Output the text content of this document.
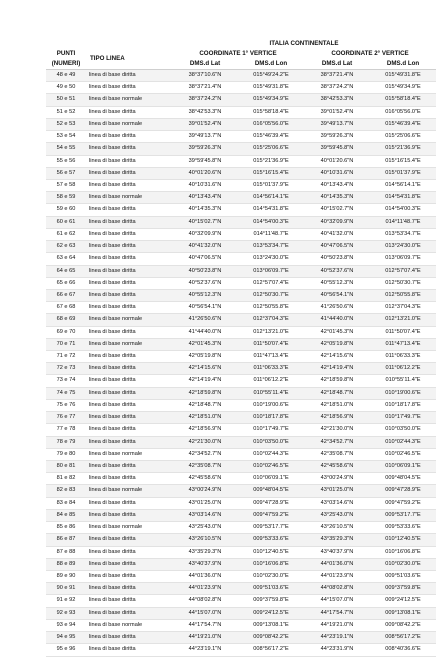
		ITALIA CONTINENTALE			
PUNTI	TIPO LINEA	COORDINATE 1° VERTICE		COORDINATE 2° VERTICE	
(NUMERI)		DMS.d Lat	DMS.d Lon	DMS.d Lat	DMS.d Lon
48 e 49	linea di base diritta	38°37'10.6"N	015°49'24.2"E	38°37'21.4"N	015°49'31.8"E
49 e 50	linea di base diritta	38°37'21.4"N	015°49'31.8"E	38°37'24.2"N	015°49'34.9"E
50 e 51	linea di base normale	38°37'24.2"N	015°49'34.9"E	38°42'53.3"N	015°58'18.4"E
51 e 52	linea di base diritta	38°42'53.3"N	015°58'18.4"E	39°01'52.4"N	016°05'56.0"E
52 e 53	linea di base normale	39°01'52.4"N	016°05'56.0"E	39°49'13.7"N	015°46'39.4"E
53 e 54	linea di base diritta	39°49'13.7"N	015°46'39.4"E	39°59'26.3"N	015°25'06.6"E
54 e 55	linea di base diritta	39°59'26.3"N	015°25'06.6"E	39°59'45.8"N	015°21'36.9"E
55 e 56	linea di base diritta	39°59'45.8"N	015°21'36.9"E	40°01'20.6"N	015°16'15.4"E
56 e 57	linea di base diritta	40°01'20.6"N	015°16'15.4"E	40°10'31.6"N	015°01'37.9"E
57 e 58	linea di base diritta	40°10'31.6"N	015°01'37.9"E	40°13'43.4"N	014°56'14.1"E
58 e 59	linea di base normale	40°13'43.4"N	014°56'14.1"E	40°14'35.3"N	014°54'31.8"E
59 e 60	linea di base diritta	40°14'35.3"N	014°54'31.8"E	40°15'02.7"N	014°54'00.3"E
60 e 61	linea di base diritta	40°15'02.7"N	014°54'00.3"E	40°32'09.9"N	014°11'48.7"E
61 e 62	linea di base diritta	40°32'09.9"N	014°11'48.7"E	40°41'32.0"N	013°53'34.7"E
62 e 63	linea di base diritta	40°41'32.0"N	013°53'34.7"E	40°47'06.5"N	013°24'30.0"E
63 e 64	linea di base diritta	40°47'06.5"N	013°24'30.0"E	40°50'23.8"N	013°06'09.7"E
64 e 65	linea di base diritta	40°50'23.8"N	013°06'09.7"E	40°52'37.6"N	012°57'07.4"E
65 e 66	linea di base diritta	40°52'37.6"N	012°57'07.4"E	40°55'12.3"N	012°50'30.7"E
66 e 67	linea di base diritta	40°55'12.3"N	012°50'30.7"E	40°56'54.1"N	012°50'55.8"E
67 e 68	linea di base diritta	40°56'54.1"N	012°50'55.8"E	41°26'50.6"N	012°37'04.3"E
68 e 69	linea di base normale	41°26'50.6"N	012°37'04.3"E	41°44'40.0"N	012°13'21.0"E
69 e 70	linea di base diritta	41°44'40.0"N	012°13'21.0"E	42°01'45.3"N	011°50'07.4"E
70 e 71	linea di base normale	42°01'45.3"N	011°50'07.4"E	42°05'19.8"N	011°47'13.4"E
71 e 72	linea di base diritta	42°05'19.8"N	011°47'13.4"E	42°14'15.6"N	011°06'33.3"E
72 e 73	linea di base diritta	42°14'15.6"N	011°06'33.3"E	42°14'19.4"N	011°06'12.2"E
73 e 74	linea di base diritta	42°14'19.4"N	011°06'12.2"E	42°18'59.8"N	010°55'11.4"E
74 e 75	linea di base diritta	42°18'59.8"N	010°55'11.4"E	42°18'48.7"N	010°19'00.6"E
75 e 76	linea di base diritta	42°18'48.7"N	010°19'00.6"E	42°18'51.0"N	010°18'17.8"E
76 e 77	linea di base diritta	42°18'51.0"N	010°18'17.8"E	42°18'56.9"N	010°17'49.7"E
77 e 78	linea di base diritta	42°18'56.9"N	010°17'49.7"E	42°21'30.0"N	010°03'50.0"E
78 e 79	linea di base diritta	42°21'30.0"N	010°03'50.0"E	42°34'52.7"N	010°02'44.3"E
79 e 80	linea di base normale	42°34'52.7"N	010°02'44.3"E	42°35'08.7"N	010°02'46.5"E
80 e 81	linea di base diritta	42°35'08.7"N	010°02'46.5"E	42°45'58.6"N	010°06'09.1"E
81 e 82	linea di base diritta	42°45'58.6"N	010°06'09.1"E	43°00'24.9"N	009°48'04.5"E
82 e 83	linea di base normale	43°00'24.9"N	009°48'04.5"E	43°01'25.0"N	009°47'28.9"E
83 e 84	linea di base diritta	43°01'25.0"N	009°47'28.9"E	43°03'14.6"N	009°47'59.2"E
84 e 85	linea di base diritta	43°03'14.6"N	009°47'59.2"E	43°25'43.0"N	009°53'17.7"E
85 e 86	linea di base normale	43°25'43.0"N	009°53'17.7"E	43°26'10.5"N	009°53'33.6"E
86 e 87	linea di base diritta	43°26'10.5"N	009°53'33.6"E	43°35'29.3"N	010°12'40.5"E
87 e 88	linea di base diritta	43°35'29.3"N	010°12'40.5"E	43°40'37.9"N	010°16'06.8"E
88 e 89	linea di base diritta	43°40'37.9"N	010°16'06.8"E	44°01'36.0"N	010°02'30.0"E
89 e 90	linea di base diritta	44°01'36.0"N	010°02'30.0"E	44°01'23.9"N	009°51'03.6"E
90 e 91	linea di base diritta	44°01'23.9"N	009°51'03.6"E	44°08'02.8"N	009°37'59.8"E
91 e 92	linea di base diritta	44°08'02.8"N	009°37'59.8"E	44°15'07.0"N	009°24'12.5"E
92 e 93	linea di base diritta	44°15'07.0"N	009°24'12.5"E	44°17'54.7"N	009°13'08.1"E
93 e 94	linea di base normale	44°17'54.7"N	009°13'08.1"E	44°19'21.0"N	009°08'42.2"E
94 e 95	linea di base diritta	44°19'21.0"N	009°08'42.2"E	44°23'19.1"N	008°56'17.2"E
95 e 96	linea di base diritta	44°23'19.1"N	008°56'17.2"E	44°23'31.9"N	008°40'36.6"E
